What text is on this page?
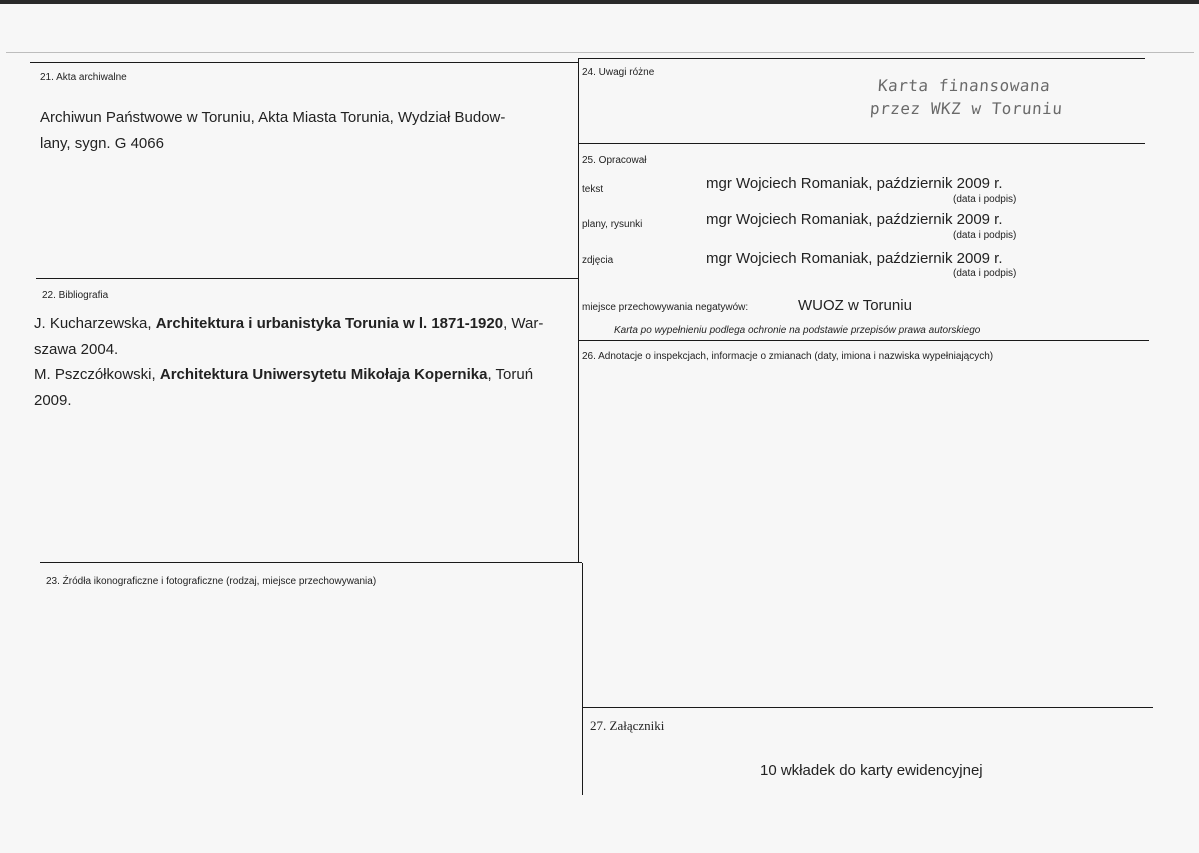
21. Akta archiwalne
Archiwun Państwowe w Toruniu, Akta Miasta Torunia, Wydział Budow-
lany, sygn. G 4066
22. Bibliografia
J. Kucharzewska, Architektura i urbanistyka Torunia w l. 1871-1920, War-
szawa 2004.
M. Pszczółkowski, Architektura Uniwersytetu Mikołaja Kopernika, Toruń
2009.
23. Źródła ikonograficzne i fotograficzne (rodzaj, miejsce przechowywania)
24. Uwagi różne
Karta finansowana
przez WKZ w Toruniu
25. Opracował
tekst	mgr Wojciech Romaniak, październik 2009 r.
(data i podpis)
plany, rysunki	mgr Wojciech Romaniak, październik 2009 r.
(data i podpis)
zdjęcia	mgr Wojciech Romaniak, październik 2009 r.
(data i podpis)
miejsce przechowywania negatywów:	WUOZ w Toruniu
Karta po wypełnieniu podlega ochronie na podstawie przepisów prawa autorskiego
26. Adnotacje o inspekcjach, informacje o zmianach (daty, imiona i nazwiska wypełniających)
27. Załączniki
10 wkładek do karty ewidencyjnej
